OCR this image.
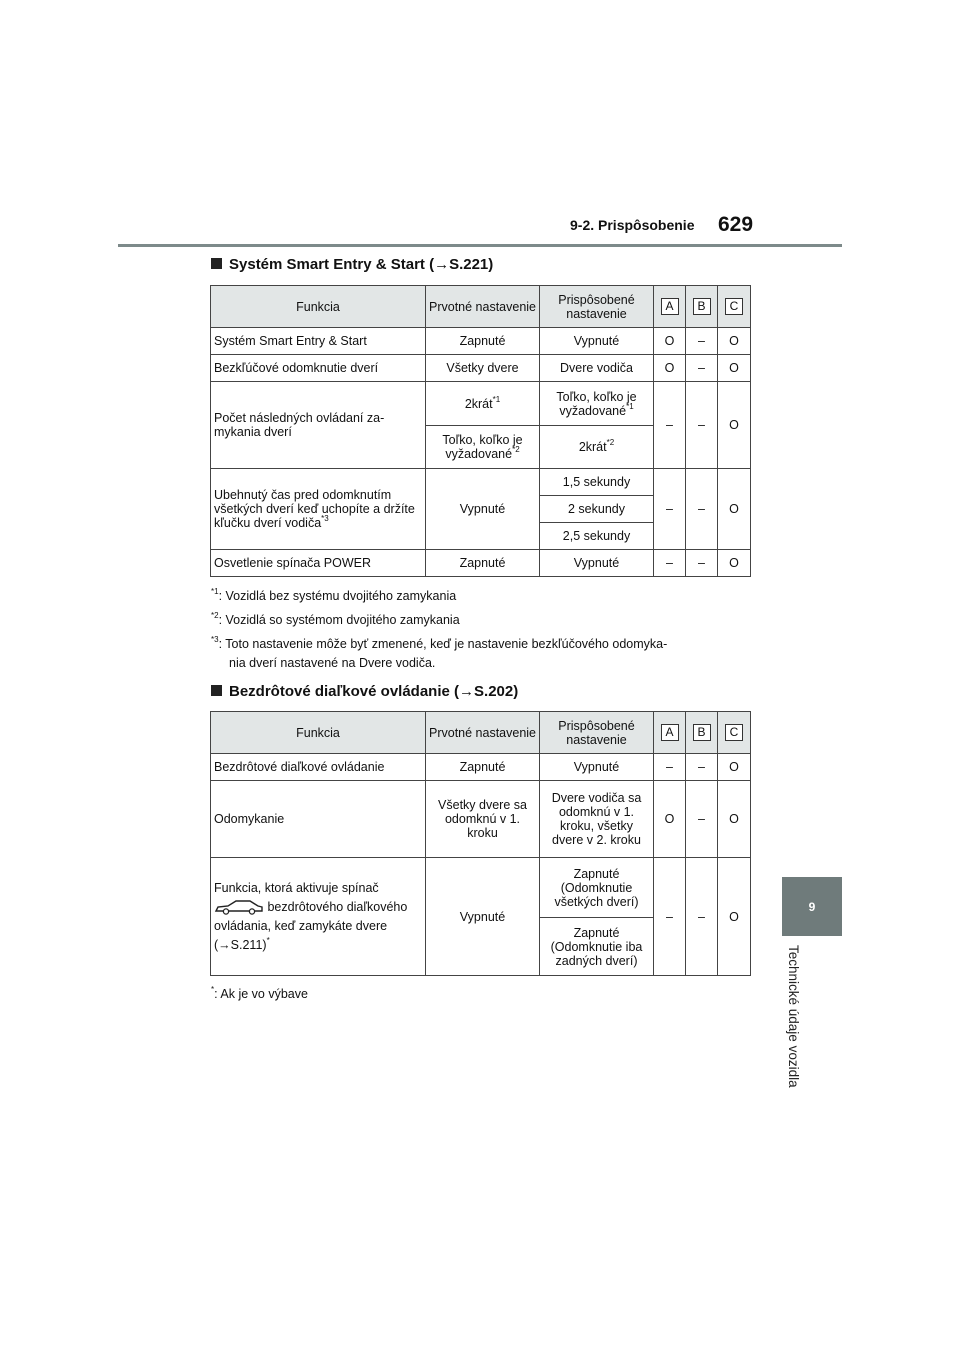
9-2. Prispôsobenie 629
9
Technické údaje vozidla
Systém Smart Entry & Start (→S.221)
Funkcia	Prvotné nastavenie	Prispôsobené nastavenie	A	B	C
Systém Smart Entry & Start	Zapnuté	Vypnuté	O	–	O
Bezkľúčové odomknutie dverí	Všetky dvere	Dvere vodiča	O	–	O
Počet následných ovládaní za-mykania dverí	2krát$^{*1}$	Toľko, koľko je vyžadované$^{*1}$	–	–	O
	Toľko, koľko je vyžadované$^{*2}$	2krát$^{*2}$
Ubehnutý čas pred odomknutím všetkých dverí keď uchopíte a držíte kľučku dverí vodiča$^{*3}$	Vypnuté	1,5 sekundy	–	–	O
		2 sekundy			
		2,5 sekundy			
Osvetlenie spínača POWER	Zapnuté	Vypnuté	–	–	O
$^{*1}$: Vozidlá bez systému dvojitého zamykania
$^{*2}$: Vozidlá so systémom dvojitého zamykania
$^{*3}$: Toto nastavenie môže byť zmenené, keď je nastavenie bezkľúčového odomyka-
nia dverí nastavené na Dvere vodiča.
Bezdrôtové diaľkové ovládanie (→S.202)
Funkcia	Prvotné nastavenie	Prispôsobené nastavenie	A	B	C
Bezdrôtové diaľkové ovládanie	Zapnuté	Vypnuté	–	–	O
Odomykanie	Všetky dvere sa odomknú v 1. kroku	Dvere vodiča sa odomknú v 1. kroku, všetky dvere v 2. kroku	O	–	O
Funkcia, ktorá aktivuje spínač
bezdrôtového diaľkového ovládania, keď zamykáte dvere
(→S.211)*	Vypnuté	Zapnuté (Odomknutie všetkých dverí)	–	–	O
		Zapnuté (Odomknutie iba zadných dverí)			
*: Ak je vo výbave
